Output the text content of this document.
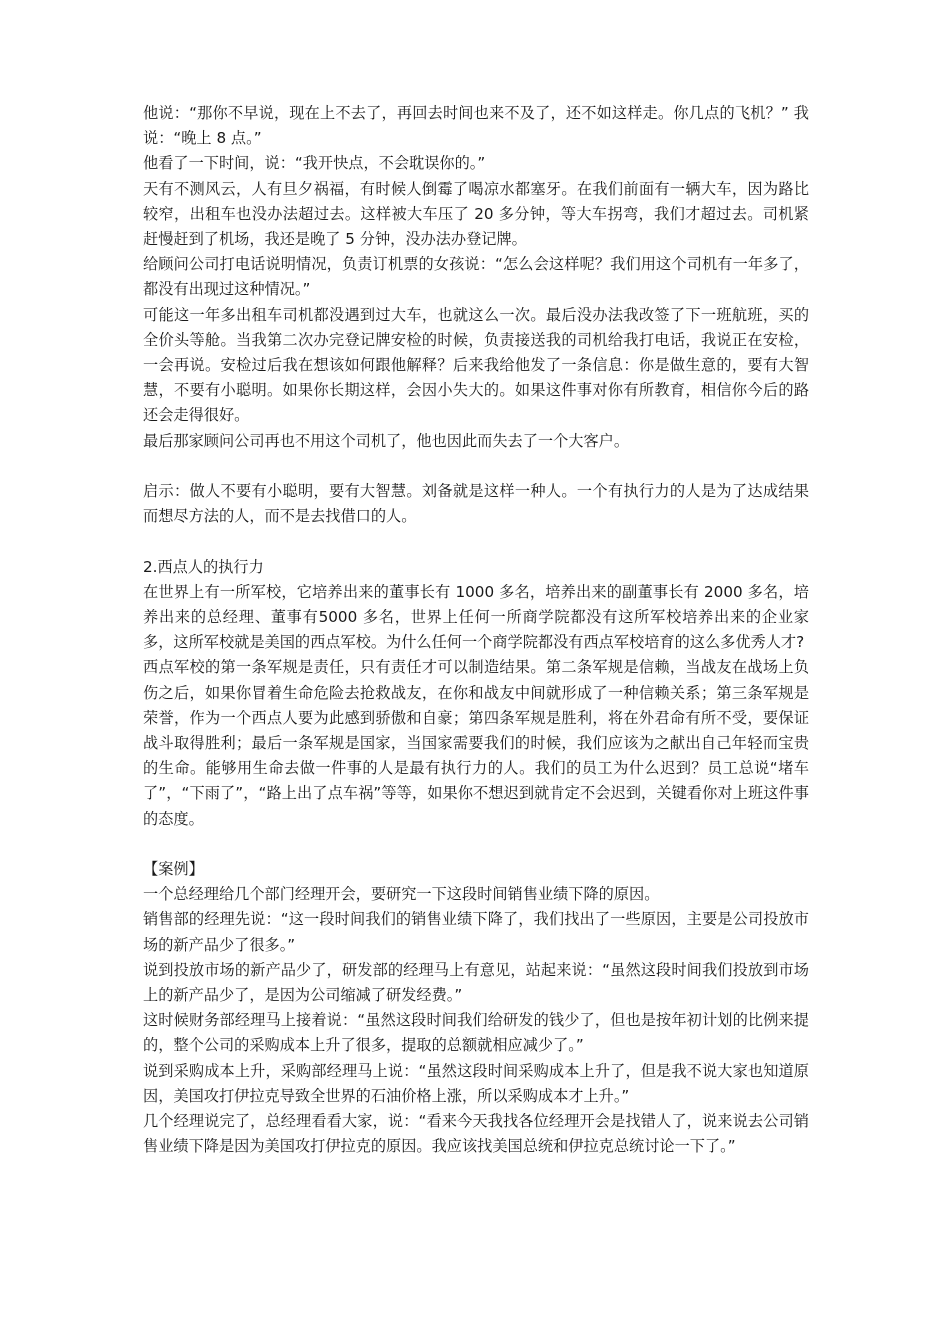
他说：“那你不早说，现在上不去了，再回去时间也来不及了，还不如这样走。你几点的飞机？” 我说：“晚上 8 点。”

他看了一下时间，说：“我开快点，不会耽误你的。”

天有不测风云，人有旦夕祸福，有时候人倒霉了喝凉水都塞牙。在我们前面有一辆大车，因为路比较窄，出租车也没办法超过去。这样被大车压了 20 多分钟，等大车拐弯，我们才超过去。司机紧赶慢赶到了机场，我还是晚了 5 分钟，没办法办登记牌。

给顾问公司打电话说明情况，负责订机票的女孩说：“怎么会这样呢？我们用这个司机有一年多了，都没有出现过这种情况。”

可能这一年多出租车司机都没遇到过大车，也就这么一次。最后没办法我改签了下一班航班，买的全价头等舱。当我第二次办完登记牌安检的时候，负责接送我的司机给我打电话，我说正在安检，一会再说。安检过后我在想该如何跟他解释？后来我给他发了一条信息：你是做生意的，要有大智慧，不要有小聪明。如果你长期这样，会因小失大的。如果这件事对你有所教育，相信你今后的路还会走得很好。

最后那家顾问公司再也不用这个司机了，他也因此而失去了一个大客户。

启示：做人不要有小聪明，要有大智慧。刘备就是这样一种人。一个有执行力的人是为了达成结果而想尽方法的人，而不是去找借口的人。

2.西点人的执行力

在世界上有一所军校，它培养出来的董事长有 1000 多名，培养出来的副董事长有 2000 多名，培养出来的总经理、董事有5000 多名，世界上任何一所商学院都没有这所军校培养出来的企业家多，这所军校就是美国的西点军校。为什么任何一个商学院都没有西点军校培育的这么多优秀人才?

西点军校的第一条军规是责任，只有责任才可以制造结果。第二条军规是信赖，当战友在战场上负伤之后，如果你冒着生命危险去抢救战友，在你和战友中间就形成了一种信赖关系；第三条军规是荣誉，作为一个西点人要为此感到骄傲和自豪；第四条军规是胜利，将在外君命有所不受，要保证战斗取得胜利；最后一条军规是国家，当国家需要我们的时候，我们应该为之献出自己年轻而宝贵的生命。能够用生命去做一件事的人是最有执行力的人。我们的员工为什么迟到？员工总说“堵车了”，“下雨了”，“路上出了点车祸”等等，如果你不想迟到就肯定不会迟到，关键看你对上班这件事的态度。

【案例】

一个总经理给几个部门经理开会，要研究一下这段时间销售业绩下降的原因。

销售部的经理先说：“这一段时间我们的销售业绩下降了，我们找出了一些原因，主要是公司投放市场的新产品少了很多。”

说到投放市场的新产品少了，研发部的经理马上有意见，站起来说：“虽然这段时间我们投放到市场上的新产品少了，是因为公司缩减了研发经费。”

这时候财务部经理马上接着说：“虽然这段时间我们给研发的钱少了，但也是按年初计划的比例来提的，整个公司的采购成本上升了很多，提取的总额就相应减少了。”

说到采购成本上升，采购部经理马上说：“虽然这段时间采购成本上升了，但是我不说大家也知道原因，美国攻打伊拉克导致全世界的石油价格上涨，所以采购成本才上升。”

几个经理说完了，总经理看看大家，说：“看来今天我找各位经理开会是找错人了，说来说去公司销售业绩下降是因为美国攻打伊拉克的原因。我应该找美国总统和伊拉克总统讨论一下了。”
